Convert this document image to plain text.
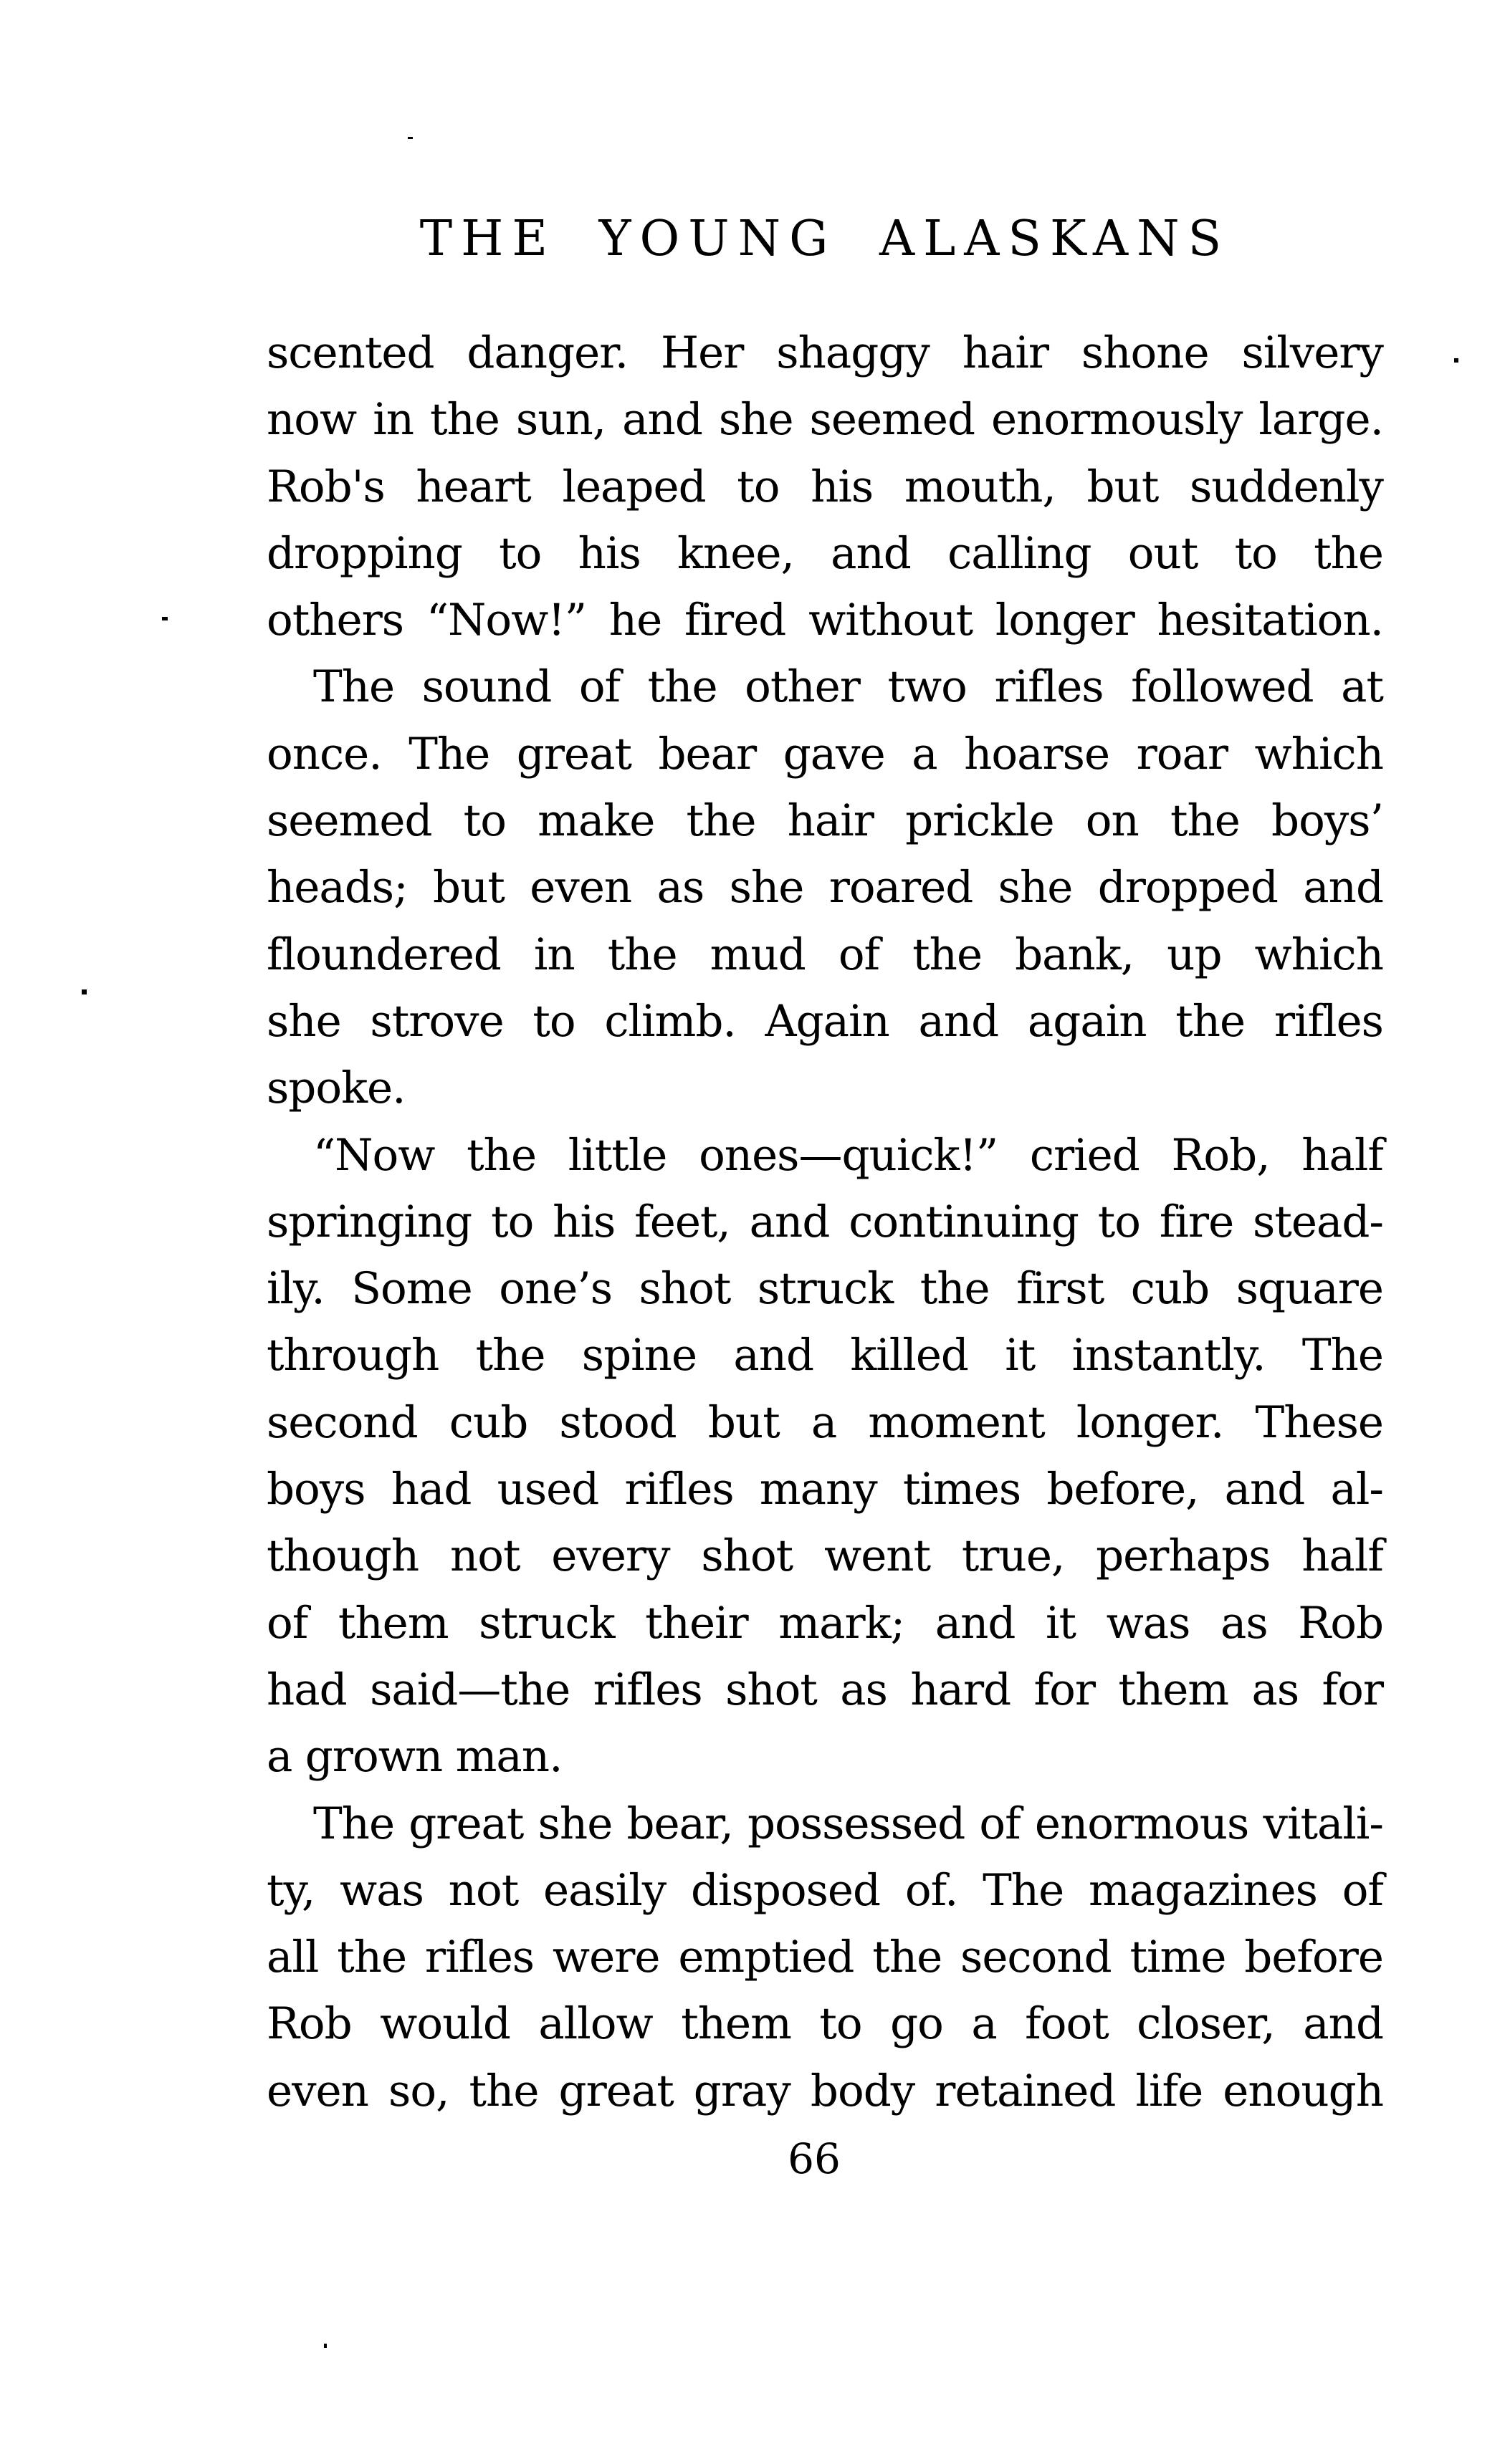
THE YOUNG ALASKANS
scented danger. Her shaggy hair shone silvery
now in the sun, and she seemed enormously large.
Rob's heart leaped to his mouth, but suddenly
dropping to his knee, and calling out to the
others “Now!” he fired without longer hesitation.
The sound of the other two rifles followed at
once. The great bear gave a hoarse roar which
seemed to make the hair prickle on the boys’
heads; but even as she roared she dropped and
floundered in the mud of the bank, up which
she strove to climb. Again and again the rifles
spoke.
“Now the little ones—quick!” cried Rob, half
springing to his feet, and continuing to fire stead-
ily. Some one’s shot struck the first cub square
through the spine and killed it instantly. The
second cub stood but a moment longer. These
boys had used rifles many times before, and al-
though not every shot went true, perhaps half
of them struck their mark; and it was as Rob
had said—the rifles shot as hard for them as for
a grown man.
The great she bear, possessed of enormous vitali-
ty, was not easily disposed of. The magazines of
all the rifles were emptied the second time before
Rob would allow them to go a foot closer, and
even so, the great gray body retained life enough
66
